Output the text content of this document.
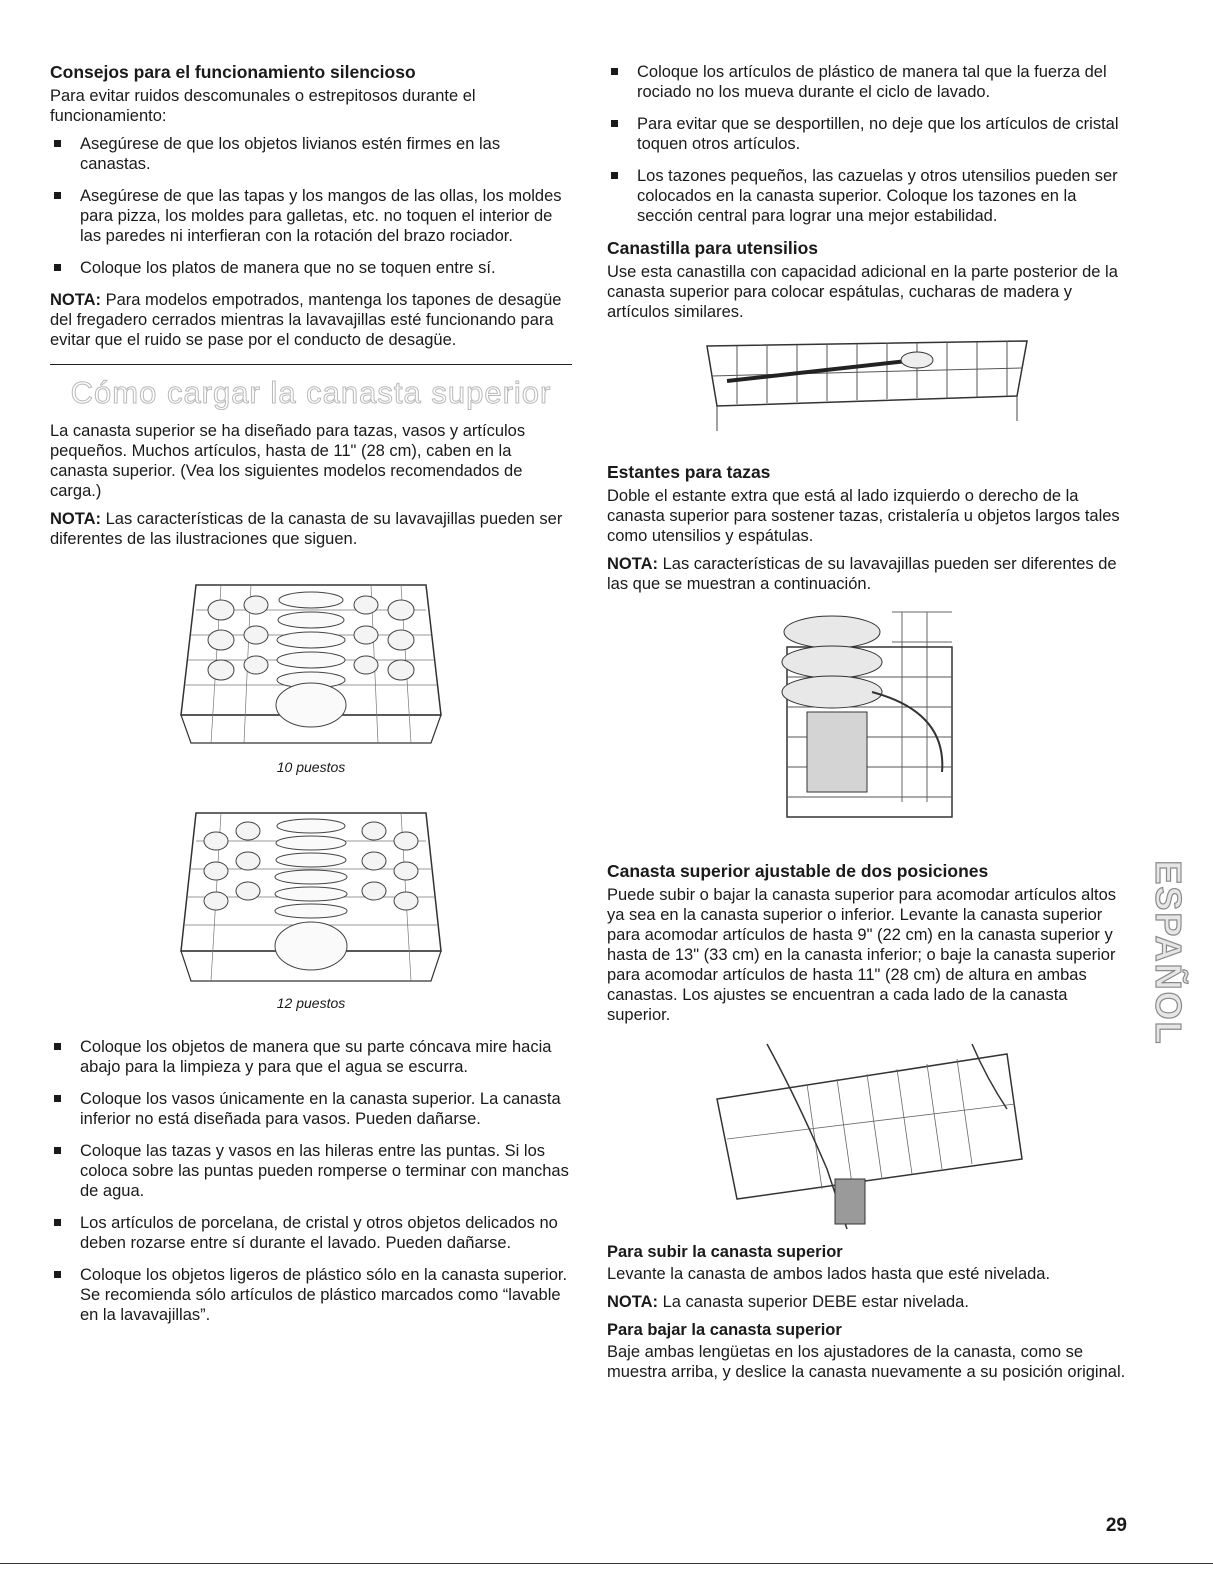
Consejos para el funcionamiento silencioso

Para evitar ruidos descomunales o estrepitosos durante el funcionamiento:

Asegúrese de que los objetos livianos estén firmes en las canastas.
Asegúrese de que las tapas y los mangos de las ollas, los moldes para pizza, los moldes para galletas, etc. no toquen el interior de las paredes ni interfieran con la rotación del brazo rociador.
Coloque los platos de manera que no se toquen entre sí.

NOTA: Para modelos empotrados, mantenga los tapones de desagüe del fregadero cerrados mientras la lavavajillas esté funcionando para evitar que el ruido se pase por el conducto de desagüe.

Cómo cargar la canasta superior

La canasta superior se ha diseñado para tazas, vasos y artículos pequeños. Muchos artículos, hasta de 11" (28 cm), caben en la canasta superior. (Vea los siguientes modelos recomendados de carga.)

NOTA: Las características de la canasta de su lavavajillas pueden ser diferentes de las ilustraciones que siguen.

10 puestos
12 puestos
Coloque los objetos de manera que su parte cóncava mire hacia abajo para la limpieza y para que el agua se escurra.
Coloque los vasos únicamente en la canasta superior. La canasta inferior no está diseñada para vasos. Pueden dañarse.
Coloque las tazas y vasos en las hileras entre las puntas. Si los coloca sobre las puntas pueden romperse o terminar con manchas de agua.
Los artículos de porcelana, de cristal y otros objetos delicados no deben rozarse entre sí durante el lavado. Pueden dañarse.
Coloque los objetos ligeros de plástico sólo en la canasta superior. Se recomienda sólo artículos de plástico marcados como “lavable en la lavavajillas”.
Coloque los artículos de plástico de manera tal que la fuerza del rociado no los mueva durante el ciclo de lavado.
Para evitar que se desportillen, no deje que los artículos de cristal toquen otros artículos.
Los tazones pequeños, las cazuelas y otros utensilios pueden ser colocados en la canasta superior. Coloque los tazones en la sección central para lograr una mejor estabilidad.
Canastilla para utensilios

Use esta canastilla con capacidad adicional en la parte posterior de la canasta superior para colocar espátulas, cucharas de madera y artículos similares.

Estantes para tazas

Doble el estante extra que está al lado izquierdo o derecho de la canasta superior para sostener tazas, cristalería u objetos largos tales como utensilios y espátulas.

NOTA: Las características de su lavavajillas pueden ser diferentes de las que se muestran a continuación.

Canasta superior ajustable de dos posiciones

Puede subir o bajar la canasta superior para acomodar artículos altos ya sea en la canasta superior o inferior. Levante la canasta superior para acomodar artículos de hasta 9" (22 cm) en la canasta superior y hasta de 13" (33 cm) en la canasta inferior; o baje la canasta superior para acomodar artículos de hasta 11" (28 cm) de altura en ambas canastas. Los ajustes se encuentran a cada lado de la canasta superior.

Para subir la canasta superior

Levante la canasta de ambos lados hasta que esté nivelada.

NOTA: La canasta superior DEBE estar nivelada.

Para bajar la canasta superior

Baje ambas lengüetas en los ajustadores de la canasta, como se muestra arriba, y deslice la canasta nuevamente a su posición original.

ESPAÑOL
29
